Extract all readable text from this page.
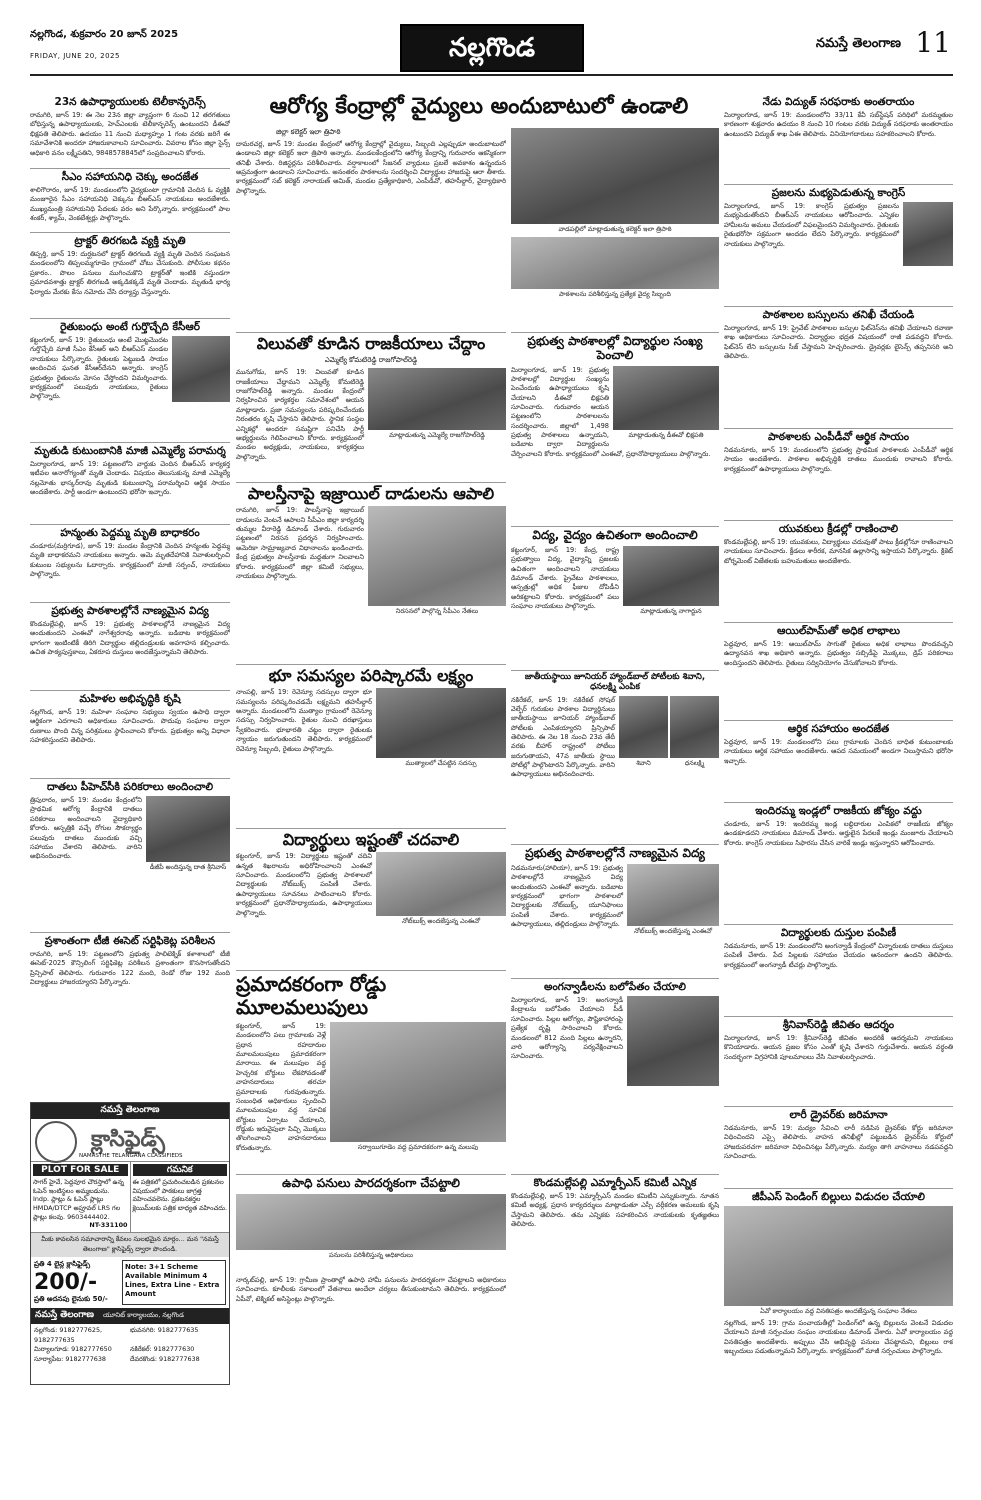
నల్లగొండ, శుక్రవారం 20 జూన్ 2025
FRIDAY, JUNE 20, 2025	నల్లగొండ	నమస్తే తెలంగాణ 11
23న ఉపాధ్యాయులకు టెలీకాన్ఫరెన్స్
రామగిరి, జూన్ 19: ఈ నెల 23న జిల్లా వ్యాప్తంగా 6 నుంచి 12 తరగతులు బోధిస్తున్న ఉపాధ్యాయులకు, హెచ్‌ఎంలకు టెలీకాన్ఫరెన్స్ ఉంటుందని డీఈవో భిక్షపతి తెలిపారు. ఉదయం 11 నుంచి మధ్యాహ్నం 1 గంట వరకు జరిగే ఈ సమావేశానికి అందరూ హాజరుకావాలని సూచించారు. వివరాల కోసం జిల్లా సైన్స్ అధికారి వనం లక్ష్మీపతిని, 9848578845లో సంప్రదించాలని కోరారు.
సీఎం సహాయనిధి చెక్కు అందజేత
శాలిగౌరారం, జూన్ 19: మండలంలోని వైద్యకుంటా గ్రామానికి చెందిన ఓ వ్యక్తికి మంజూరైన సీఎం సహాయనిధి చెక్కును బీఆర్‌ఎస్ నాయకులు అందజేశారు. ముఖ్యమంత్రి సహాయనిధి పేదలకు వరం అని పేర్కొన్నారు. కార్యక్రమంలో పాల శంకర్, శ్యామ్, వెంకటేశ్వర్లు పాల్గొన్నారు.
ట్రాక్టర్ తిరగబడి వ్యక్తి మృతి
తిప్పర్తి, జూన్ 19: దుర్ఘటనలో ట్రాక్టర్ తిరగబడి వ్యక్తి మృతి చెందిన సంఘటన మండలంలోని తిప్పలమ్మగూడెం గ్రామంలో చోటు చేసుకుంది. పోలీసుల కథనం ప్రకారం.. పొలం పనులు ముగించుకొని ట్రాక్టర్‌తో ఇంటికి వస్తుండగా ప్రమాదవశాత్తు ట్రాక్టర్ తిరగబడి అక్కడికక్కడే మృతి చెందాడు. మృతుడి భార్య ఫిర్యాదు మేరకు కేసు నమోదు చేసి దర్యాప్తు చేస్తున్నారు.
రైతుబంధు అంటే గుర్తొచ్చేది కేసీఆర్
కట్టంగూర్, జూన్ 19: రైతుబంధు అంటే మొట్టమొదట గుర్తొచ్చేది మాజీ సీఎం కేసీఆర్ అని బీఆర్‌ఎస్ మండల నాయకులు పేర్కొన్నారు. రైతులకు పెట్టుబడి సాయం అందించిన ఘనత కేసీఆర్‌దేనని అన్నారు. కాంగ్రెస్ ప్రభుత్వం రైతులను మోసం చేస్తోందని విమర్శించారు. కార్యక్రమంలో పలువురు నాయకులు, రైతులు పాల్గొన్నారు.
మృతుడి కుటుంబానికి మాజీ ఎమ్మెల్యే పరామర్శ
మిర్యాలగూడ, జూన్ 19: పట్టణంలోని వార్డుకు చెందిన బీఆర్‌ఎస్ కార్యకర్త ఇటీవల అనారోగ్యంతో మృతి చెందాడు. విషయం తెలుసుకున్న మాజీ ఎమ్మెల్యే నల్లమోతు భాస్కర్‌రావు మృతుడి కుటుంబాన్ని పరామర్శించి ఆర్థిక సాయం అందజేశారు. పార్టీ అండగా ఉంటుందని భరోసా ఇచ్చారు.
హన్మంతు పెద్దమ్మ మృతి బాధాకరం
చండూరు(మర్రిగూడ), జూన్ 19: మండల కేంద్రానికి చెందిన హన్మంతు పెద్దమ్మ మృతి బాధాకరమని నాయకులు అన్నారు. ఆమె మృతదేహానికి నివాళులర్పించి కుటుంబ సభ్యులను ఓదార్చారు. కార్యక్రమంలో మాజీ సర్పంచ్, నాయకులు పాల్గొన్నారు.
ప్రభుత్వ పాఠశాలల్లోనే నాణ్యమైన విద్య
కొండమల్లేపల్లి, జూన్ 19: ప్రభుత్వ పాఠశాలల్లోనే నాణ్యమైన విద్య అందుతుందని ఎంఈవో నాగేశ్వరరావు అన్నారు. బడిబాట కార్యక్రమంలో భాగంగా ఇంటింటికీ తిరిగి విద్యార్థుల తల్లిదండ్రులకు అవగాహన కల్పించారు. ఉచిత పాఠ్యపుస్తకాలు, ఏకరూప దుస్తులు అందజేస్తున్నామని తెలిపారు.
మహిళల అభివృద్ధికి కృషి
నల్లగొండ, జూన్ 19: మహిళా సంఘాల సభ్యులు స్వయం ఉపాధి ద్వారా ఆర్థికంగా ఎదగాలని అధికారులు సూచించారు. పొదుపు సంఘాల ద్వారా రుణాలు పొంది చిన్న పరిశ్రమలు స్థాపించాలని కోరారు. ప్రభుత్వం అన్ని విధాలా సహకరిస్తుందని తెలిపారు.
దాతలు పీహెచ్‌సీకి పరికరాలు అందించాలి
డీజీపీ అందిస్తున్న దాత శ్రీనివాస్
త్రిపురారం, జూన్ 19: మండల కేంద్రంలోని ప్రాథమిక ఆరోగ్య కేంద్రానికి దాతలు పరికరాలు అందించాలని వైద్యాధికారి కోరారు. ఆస్పత్రికి వచ్చే రోగుల సౌకర్యార్థం పలువురు దాతలు ముందుకు వచ్చి సహాయం చేశారని తెలిపారు. వారిని అభినందించారు.
ప్రశాంతంగా టీజీ ఈసెట్ సర్టిఫికెట్ల పరిశీలన
రామగిరి, జూన్ 19: పట్టణంలోని ప్రభుత్వ పాలిటెక్నిక్ కళాశాలలో టీజీ ఈసెట్-2025 కౌన్సిలింగ్ సర్టిఫికెట్ల పరిశీలన ప్రశాంతంగా కొనసాగుతోందని ప్రిన్సిపాల్ తెలిపారు. గురువారం 122 మంది, రెండో రోజు 192 మంది విద్యార్థులు హాజరయ్యారని పేర్కొన్నారు.
నమస్తే తెలంగాణ
క్లాసిఫైడ్స్
NAMASTHE TELANGANA CLASSIFIEDS
PLOT FOR SALE
సాగర్ హైవే, పెద్దవూర చౌరస్తాలో ఉన్న ఓపెన్ ఇంటిస్థలం అమ్మబడును. Indp. ప్లాట్లు & ఓపెన్ ప్లాట్లు HMDA/DTCP అప్రూవల్ LRS గల ప్లాట్లు కలవు. 9603444402.
NT-331100
గమనిక
ఈ పత్రికలో ప్రచురించబడిన ప్రకటనల విషయంలో పాఠకులు జాగ్రత్త వహించవలెను. ప్రకటనకర్తల క్లెయిమ్‌లకు పత్రిక బాధ్యత వహించదు.
మీకు కావలసిన సమాచారాన్ని కేవలం సులభమైన మార్గం... మన "నమస్తే తెలంగాణ" క్లాసిఫైడ్స్ ద్వారా పొందండి.
ప్రతి 4 లైన్ల క్లాసిఫైడ్స్
200/-
ప్రతి అదనపు లైనుకు 50/-
Note: 3+1 Scheme Available Minimum 4 Lines, Extra Line - Extra Amount
నమస్తే తెలంగాణ యూనిట్ కార్యాలయం, నల్లగొండ
నల్లగొండ: 9182777625, 9182777635
భువనగిరి: 9182777635
మిర్యాలగూడ: 9182777650	నకిరేకల్: 9182777630
సూర్యాపేట: 9182777638	దేవరకొండ: 9182777638
ఆరోగ్య కేంద్రాల్లో వైద్యులు అందుబాటులో ఉండాలి
జిల్లా కలెక్టర్ ఇలా త్రిపాఠి
దామరచర్ల, జూన్ 19: మండల కేంద్రంలో ఆరోగ్య కేంద్రాల్లో వైద్యులు, సిబ్బంది ఎల్లప్పుడూ అందుబాటులో ఉండాలని జిల్లా కలెక్టర్ ఇలా త్రిపాఠి అన్నారు. మండలకేంద్రంలోని ఆరోగ్య కేంద్రాన్ని గురువారం ఆకస్మికంగా తనిఖీ చేశారు. రిజిస్టర్లను పరిశీలించారు. వర్షాకాలంలో సీజనల్ వ్యాధులు ప్రబలే అవకాశం ఉన్నందున అప్రమత్తంగా ఉండాలని సూచించారు. అనంతరం పాఠశాలను సందర్శించి విద్యార్థుల హాజరుపై ఆరా తీశారు. కార్యక్రమంలో సబ్ కలెక్టర్ నారాయణ్ అమిత్, మండల ప్రత్యేకాధికారి, ఎంపీడీవో, తహసీల్దార్, వైద్యాధికారి పాల్గొన్నారు.
విలువతో కూడిన రాజకీయాలు చేద్దాం
ఎమ్మెల్యే కోమటిరెడ్డి రాజగోపాల్‌రెడ్డి
మాట్లాడుతున్న ఎమ్మెల్యే రాజగోపాల్‌రెడ్డి
మునుగోడు, జూన్ 19: విలువతో కూడిన రాజకీయాలు చేద్దామని ఎమ్మెల్యే కోమటిరెడ్డి రాజగోపాల్‌రెడ్డి అన్నారు. మండల కేంద్రంలో నిర్వహించిన కార్యకర్తల సమావేశంలో ఆయన మాట్లాడారు. ప్రజా సమస్యలను పరిష్కరించేందుకు నిరంతరం కృషి చేస్తానని తెలిపారు. స్థానిక సంస్థల ఎన్నికల్లో అందరూ సమష్టిగా పనిచేసి పార్టీ అభ్యర్థులను గెలిపించాలని కోరారు. కార్యక్రమంలో మండల అధ్యక్షుడు, నాయకులు, కార్యకర్తలు పాల్గొన్నారు.
పాలస్తీనాపై ఇజ్రాయిల్ దాడులను ఆపాలి
నిరసనలో పాల్గొన్న సీపీఎం నేతలు
రామగిరి, జూన్ 19: పాలస్తీనాపై ఇజ్రాయిల్ దాడులను వెంటనే ఆపాలని సీపీఎం జిల్లా కార్యదర్శి తుమ్మల వీరారెడ్డి డిమాండ్ చేశారు. గురువారం పట్టణంలో నిరసన ప్రదర్శన నిర్వహించారు. అమెరికా సామ్రాజ్యవాద విధానాలను ఖండించారు. కేంద్ర ప్రభుత్వం పాలస్తీనాకు మద్దతుగా నిలవాలని కోరారు. కార్యక్రమంలో జిల్లా కమిటీ సభ్యులు, నాయకులు పాల్గొన్నారు.
భూ సమస్యల పరిష్కారమే లక్ష్యం
ముత్యాలలో చేపట్టిన సదస్సు
నాంపల్లి, జూన్ 19: రెవెన్యూ సదస్సుల ద్వారా భూ సమస్యలను పరిష్కరించడమే లక్ష్యమని తహసీల్దార్ అన్నారు. మండలంలోని ముత్యాల గ్రామంలో రెవెన్యూ సదస్సు నిర్వహించారు. రైతుల నుంచి దరఖాస్తులు స్వీకరించారు. భూభారతి చట్టం ద్వారా రైతులకు న్యాయం జరుగుతుందని తెలిపారు. కార్యక్రమంలో రెవెన్యూ సిబ్బంది, రైతులు పాల్గొన్నారు.
విద్యార్థులు ఇష్టంతో చదవాలి
నోట్‌బుక్స్ అందజేస్తున్న ఎంఈవో
కట్టంగూర్, జూన్ 19: విద్యార్థులు ఇష్టంతో చదివి ఉన్నత శిఖరాలను అధిరోహించాలని ఎంఈవో సూచించారు. మండలంలోని ప్రభుత్వ పాఠశాలలో విద్యార్థులకు నోట్‌బుక్స్ పంపిణీ చేశారు. ఉపాధ్యాయులు సూచనలు పాటించాలని కోరారు. కార్యక్రమంలో ప్రధానోపాధ్యాయుడు, ఉపాధ్యాయులు పాల్గొన్నారు.
ప్రమాదకరంగా రోడ్డు మూలమలుపులు
సర్వాయిగూడెం వద్ద ప్రమాదకరంగా ఉన్న మలుపు
కట్టంగూర్, జూన్ 19: మండలంలోని పలు గ్రామాలకు వెళ్లే ప్రధాన రహదారుల మూలమలుపులు ప్రమాదకరంగా మారాయి. ఈ మలుపుల వద్ద హెచ్చరిక బోర్డులు లేకపోవడంతో వాహనదారులు తరచూ ప్రమాదాలకు గురవుతున్నారు. సంబంధిత అధికారులు స్పందించి మూలమలుపుల వద్ద సూచిక బోర్డులు ఏర్పాటు చేయాలని, రోడ్డుకు ఇరువైపులా పిచ్చి మొక్కలు తొలగించాలని వాహనదారులు కోరుతున్నారు.
ఉపాధి పనులు పారదర్శకంగా చేపట్టాలి
పనులను పరిశీలిస్తున్న అధికారులు
నార్కట్‌పల్లి, జూన్ 19: గ్రామీణ ప్రాంతాల్లో ఉపాధి హామీ పనులను పారదర్శకంగా చేపట్టాలని అధికారులు సూచించారు. కూలీలకు సకాలంలో వేతనాలు అందేలా చర్యలు తీసుకుంటామని తెలిపారు. కార్యక్రమంలో ఏపీవో, టెక్నికల్ అసిస్టెంట్లు పాల్గొన్నారు.
వాడపల్లిలో మాట్లాడుతున్న కలెక్టర్ ఇలా త్రిపాఠి
పాఠశాలను పరిశీలిస్తున్న ప్రత్యేక వైద్య సిబ్బంది
ప్రభుత్వ పాఠశాలల్లో విద్యార్థుల సంఖ్య పెంచాలి
మాట్లాడుతున్న డీఈవో భిక్షపతి
మిర్యాలగూడ, జూన్ 19: ప్రభుత్వ పాఠశాలల్లో విద్యార్థుల సంఖ్యను పెంచేందుకు ఉపాధ్యాయులు కృషి చేయాలని డీఈవో భిక్షపతి సూచించారు. గురువారం ఆయన పట్టణంలోని పాఠశాలలను సందర్శించారు. జిల్లాలో 1,498 ప్రభుత్వ పాఠశాలలు ఉన్నాయని, బడిబాట ద్వారా విద్యార్థులను చేర్పించాలని కోరారు. కార్యక్రమంలో ఎంఈవో, ప్రధానోపాధ్యాయులు పాల్గొన్నారు.
విద్య, వైద్యం ఉచితంగా అందించాలి
మాట్లాడుతున్న నాగార్జున
కట్టంగూర్, జూన్ 19: కేంద్ర, రాష్ట్ర ప్రభుత్వాలు విద్య, వైద్యాన్ని ప్రజలకు ఉచితంగా అందించాలని నాయకులు డిమాండ్ చేశారు. ప్రైవేటు పాఠశాలలు, ఆస్పత్రుల్లో అధిక ఫీజుల దోపిడీని అరికట్టాలని కోరారు. కార్యక్రమంలో పలు సంఘాల నాయకులు పాల్గొన్నారు.
జాతీయస్థాయి జూనియర్ హ్యాండ్‌బాల్ పోటీలకు శివాని, ధనలక్ష్మి ఎంపిక
శివాని	ధనలక్ష్మి
నకిరేకల్, జూన్ 19: నకిరేకల్ సోషల్ వెల్ఫేర్ గురుకుల పాఠశాల విద్యార్థినులు జాతీయస్థాయి జూనియర్ హ్యాండ్‌బాల్ పోటీలకు ఎంపికయ్యారని ప్రిన్సిపాల్ తెలిపారు. ఈ నెల 18 నుంచి 23వ తేదీ వరకు బీహార్ రాష్ట్రంలో పోటీలు జరుగుతాయని, 47వ జాతీయ స్థాయి పోటీల్లో పాల్గొంటారని పేర్కొన్నారు. వారిని ఉపాధ్యాయులు అభినందించారు.
ప్రభుత్వ పాఠశాలల్లోనే నాణ్యమైన విద్య
నోట్‌బుక్స్ అందజేస్తున్న ఎంఈవో
నిడమనూరు(హాలియా), జూన్ 19: ప్రభుత్వ పాఠశాలల్లోనే నాణ్యమైన విద్య అందుతుందని ఎంఈవో అన్నారు. బడిబాట కార్యక్రమంలో భాగంగా పాఠశాలలో విద్యార్థులకు నోట్‌బుక్స్, యూనిఫాంలు పంపిణీ చేశారు. కార్యక్రమంలో ఉపాధ్యాయులు, తల్లిదండ్రులు పాల్గొన్నారు.
అంగన్వాడీలను బలోపేతం చేయాలి
మిర్యాలగూడ, జూన్ 19: అంగన్వాడీ కేంద్రాలను బలోపేతం చేయాలని పీడీ సూచించారు. పిల్లల ఆరోగ్యం, పౌష్టికాహారంపై ప్రత్యేక దృష్టి సారించాలని కోరారు. మండలంలో 812 మంది పిల్లలు ఉన్నారని, వారి ఆరోగ్యాన్ని పర్యవేక్షించాలని సూచించారు.
కొండమల్లేపల్లి ఎమ్మార్పీఎస్ కమిటీ ఎన్నిక
కొండమల్లేపల్లి, జూన్ 19: ఎమ్మార్పీఎస్ మండల కమిటీని ఎన్నుకున్నారు. నూతన కమిటీ అధ్యక్ష, ప్రధాన కార్యదర్శులు మాట్లాడుతూ ఎస్సీ వర్గీకరణ అమలుకు కృషి చేస్తామని తెలిపారు. తమ ఎన్నికకు సహకరించిన నాయకులకు కృతజ్ఞతలు తెలిపారు.
నేడు విద్యుత్ సరఫరాకు అంతరాయం
మిర్యాలగూడ, జూన్ 19: మండలంలోని 33/11 కేవీ సబ్‌స్టేషన్ పరిధిలో మరమ్మతుల కారణంగా శుక్రవారం ఉదయం 8 నుంచి 10 గంటల వరకు విద్యుత్ సరఫరాకు అంతరాయం ఉంటుందని విద్యుత్ శాఖ ఏఈ తెలిపారు. వినియోగదారులు సహకరించాలని కోరారు.
ప్రజలను మభ్యపెడుతున్న కాంగ్రెస్
మిర్యాలగూడ, జూన్ 19: కాంగ్రెస్ ప్రభుత్వం ప్రజలను మభ్యపెడుతోందని బీఆర్‌ఎస్ నాయకులు ఆరోపించారు. ఎన్నికల హామీలను అమలు చేయడంలో విఫలమైందని విమర్శించారు. రైతులకు రైతుభరోసా సక్రమంగా అందడం లేదని పేర్కొన్నారు. కార్యక్రమంలో నాయకులు పాల్గొన్నారు.
పాఠశాలల బస్సులను తనిఖీ చేయండి
మిర్యాలగూడ, జూన్ 19: ప్రైవేట్ పాఠశాలల బస్సుల ఫిట్‌నెస్‌ను తనిఖీ చేయాలని రవాణా శాఖ అధికారులు సూచించారు. విద్యార్థుల భద్రత విషయంలో రాజీ పడవద్దని కోరారు. ఫిట్‌నెస్ లేని బస్సులను సీజ్ చేస్తామని హెచ్చరించారు. డ్రైవర్లకు లైసెన్స్ తప్పనిసరి అని తెలిపారు.
పాఠశాలకు ఎంపీడీవో ఆర్థిక సాయం
నిడమనూరు, జూన్ 19: మండలంలోని ప్రభుత్వ ప్రాథమిక పాఠశాలకు ఎంపీడీవో ఆర్థిక సాయం అందజేశారు. పాఠశాల అభివృద్ధికి దాతలు ముందుకు రావాలని కోరారు. కార్యక్రమంలో ఉపాధ్యాయులు పాల్గొన్నారు.
యువకులు క్రీడల్లో రాణించాలి
కొండమల్లేపల్లి, జూన్ 19: యువకులు, విద్యార్థులు చదువుతో పాటు క్రీడల్లోనూ రాణించాలని నాయకులు సూచించారు. క్రీడలు శారీరక, మానసిక ఉల్లాసాన్ని ఇస్తాయని పేర్కొన్నారు. క్రికెట్ టోర్నమెంట్ విజేతలకు బహుమతులు అందజేశారు.
ఆయిల్‌పామ్‌తో అధిక లాభాలు
పెద్దవూర, జూన్ 19: ఆయిల్‌పామ్ సాగుతో రైతులు అధిక లాభాలు పొందవచ్చని ఉద్యానవన శాఖ అధికారి అన్నారు. ప్రభుత్వం సబ్సిడీపై మొక్కలు, డ్రిప్ పరికరాలు అందిస్తుందని తెలిపారు. రైతులు సద్వినియోగం చేసుకోవాలని కోరారు.
ఆర్థిక సహాయం అందజేత
పెద్దవూర, జూన్ 19: మండలంలోని పలు గ్రామాలకు చెందిన బాధిత కుటుంబాలకు నాయకులు ఆర్థిక సహాయం అందజేశారు. ఆపద సమయంలో అండగా నిలుస్తామని భరోసా ఇచ్చారు.
ఇందిరమ్మ ఇండ్లలో రాజకీయ జోక్యం వద్దు
చండూరు, జూన్ 19: ఇందిరమ్మ ఇండ్ల లబ్ధిదారుల ఎంపికలో రాజకీయ జోక్యం ఉండకూడదని నాయకులు డిమాండ్ చేశారు. అర్హులైన పేదలకే ఇండ్లు మంజూరు చేయాలని కోరారు. కాంగ్రెస్ నాయకులు సిఫారసు చేసిన వారికే ఇండ్లు ఇస్తున్నారని ఆరోపించారు.
విద్యార్థులకు దుస్తుల పంపిణీ
నిడమనూరు, జూన్ 19: మండలంలోని అంగన్వాడీ కేంద్రంలో చిన్నారులకు దాతలు దుస్తులు పంపిణీ చేశారు. పేద పిల్లలకు సహాయం చేయడం ఆనందంగా ఉందని తెలిపారు. కార్యక్రమంలో అంగన్వాడీ టీచర్లు పాల్గొన్నారు.
శ్రీనివాస్‌రెడ్డి జీవితం ఆదర్శం
మిర్యాలగూడ, జూన్ 19: శ్రీనివాస్‌రెడ్డి జీవితం అందరికీ ఆదర్శమని నాయకులు కొనియాడారు. ఆయన ప్రజల కోసం ఎంతో కృషి చేశారని గుర్తుచేశారు. ఆయన వర్ధంతి సందర్భంగా విగ్రహానికి పూలమాలలు వేసి నివాళులర్పించారు.
లారీ డ్రైవర్‌కు జరిమానా
నిడమనూరు, జూన్ 19: మద్యం సేవించి లారీ నడిపిన డ్రైవర్‌కు కోర్టు జరిమానా విధించిందని ఎస్సై తెలిపారు. వాహన తనిఖీల్లో పట్టుబడిన డ్రైవర్‌ను కోర్టులో హాజరుపరచగా జరిమానా విధించినట్లు పేర్కొన్నారు. మద్యం తాగి వాహనాలు నడపవద్దని సూచించారు.
జీపీఎస్ పెండింగ్ బిల్లులు విడుదల చేయాలి
ఏవో కార్యాలయం వద్ద వినతిపత్రం అందజేస్తున్న సంఘాల నేతలు
నల్లగొండ, జూన్ 19: గ్రామ పంచాయతీల్లో పెండింగ్‌లో ఉన్న బిల్లులను వెంటనే విడుదల చేయాలని మాజీ సర్పంచుల సంఘం నాయకులు డిమాండ్ చేశారు. ఏవో కార్యాలయం వద్ద వినతిపత్రం అందజేశారు. అప్పులు చేసి అభివృద్ధి పనులు చేపట్టామని, బిల్లులు రాక ఇబ్బందులు పడుతున్నామని పేర్కొన్నారు. కార్యక్రమంలో మాజీ సర్పంచులు పాల్గొన్నారు.
